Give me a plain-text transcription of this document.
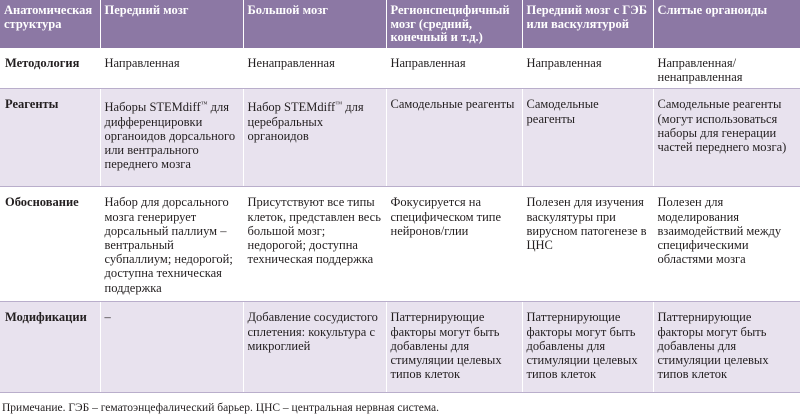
Анатомическая структура	Передний мозг	Большой мозг	Регионспецифичный мозг (средний, конечный и т.д.)	Передний мозг с ГЭБ или васкулятурой	Слитые органоиды
Методология	Направленная	Ненаправленная	Направленная	Направленная	Направленная/ ненаправленная
Реагенты	Наборы STEMdiff™ для дифференцировки органоидов дорсального или вентрального переднего мозга	Набор STEMdiff™ для церебральных органоидов	Самодельные реагенты	Самодельные реагенты	Самодельные реагенты (могут использоваться наборы для генерации частей переднего мозга)
Обоснование	Набор для дорсального мозга генерирует дорсальный паллиум – вентральный субпаллиум; недорогой; доступна техническая поддержка	Присутствуют все типы клеток, представлен весь большой мозг; недорогой; доступна техническая поддержка	Фокусируется на специфическом типе нейронов/глии	Полезен для изучения васкулятуры при вирусном патогенезе в ЦНС	Полезен для моделирования взаимодействий между специфическими областями мозга
Модификации	–	Добавление сосудистого сплетения: кокультура с микроглией	Паттернирующие факторы могут быть добавлены для стимуляции целевых типов клеток	Паттернирующие факторы могут быть добавлены для стимуляции целевых типов клеток	Паттернирующие факторы могут быть добавлены для стимуляции целевых типов клеток
Примечание. ГЭБ – гематоэнцефалический барьер. ЦНС – центральная нервная система.
